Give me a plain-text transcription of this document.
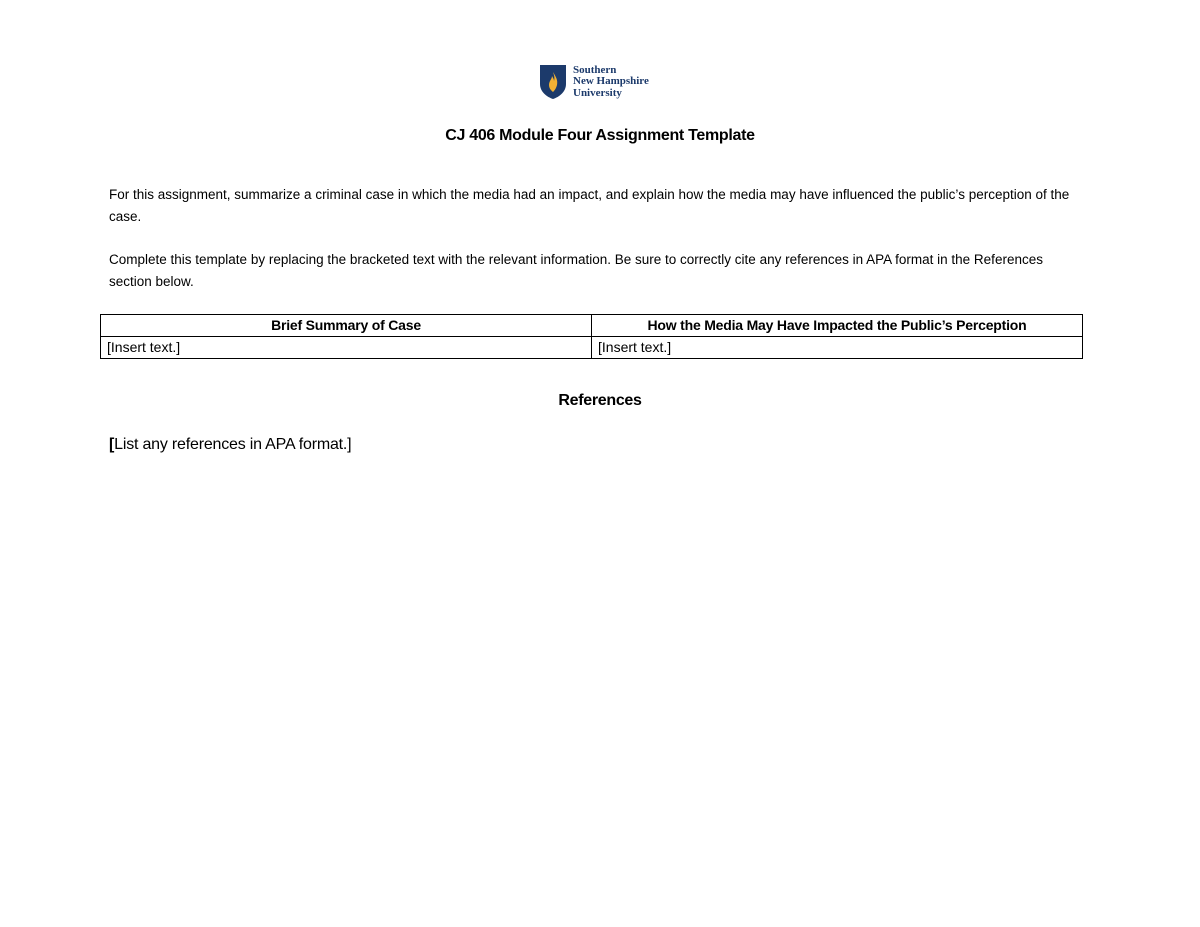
Southern
New Hampshire
University
CJ 406 Module Four Assignment Template
For this assignment, summarize a criminal case in which the media had an impact, and explain how the media may have influenced the public’s perception of the case.
Complete this template by replacing the bracketed text with the relevant information. Be sure to correctly cite any references in APA format in the References section below.
Brief Summary of Case	How the Media May Have Impacted the Public’s Perception
[Insert text.]	[Insert text.]
References
[List any references in APA format.]
